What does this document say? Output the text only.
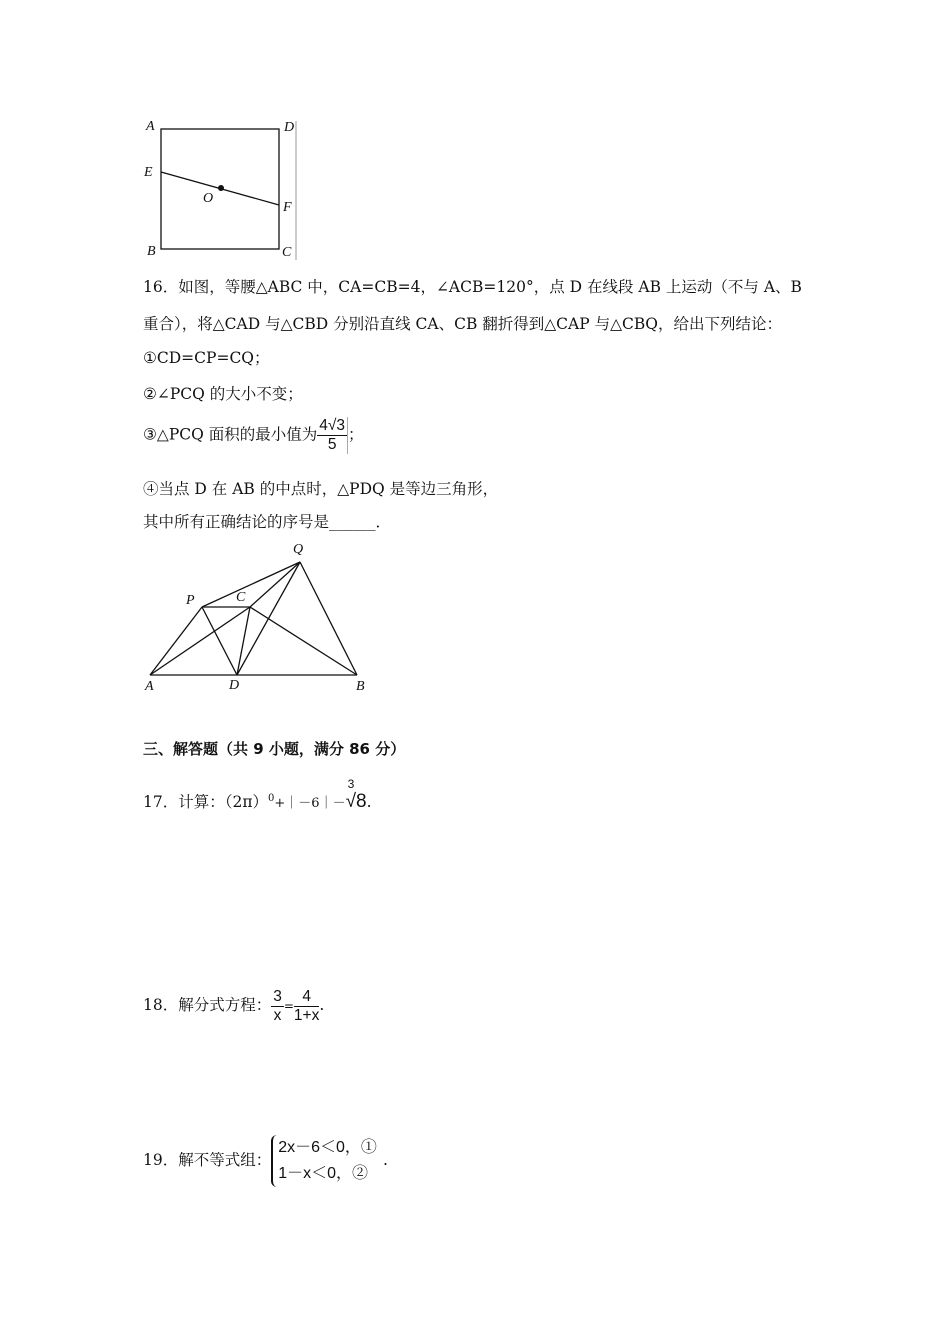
A	D
E
O
F
B	C
16．如图，等腰△ABC 中，CA=CB=4，∠ACB=120°，点 D 在线段 AB 上运动（不与 A、B
重合），将△CAD 与△CBD 分别沿直线 CA、CB 翻折得到△CAP 与△CBQ，给出下列结论：
①CD=CP=CQ；
②∠PCQ 的大小不变；
③△PCQ 面积的最小值为 $\frac{4√3}{5}$ ；
④当点 D 在 AB 的中点时，△PDQ 是等边三角形，
其中所有正确结论的序号是______．
Q
P	C
A	D	B
三、解答题（共 9 小题，满分 86 分）
17．计算：$(2\pi)^0+|-6|-$
3
√8.
18．解分式方程： $\frac{3}{x} = \frac{4}{1+x}$ .
19．解不等式组：
2x－6＜0，①
1－x＜0，②
.
